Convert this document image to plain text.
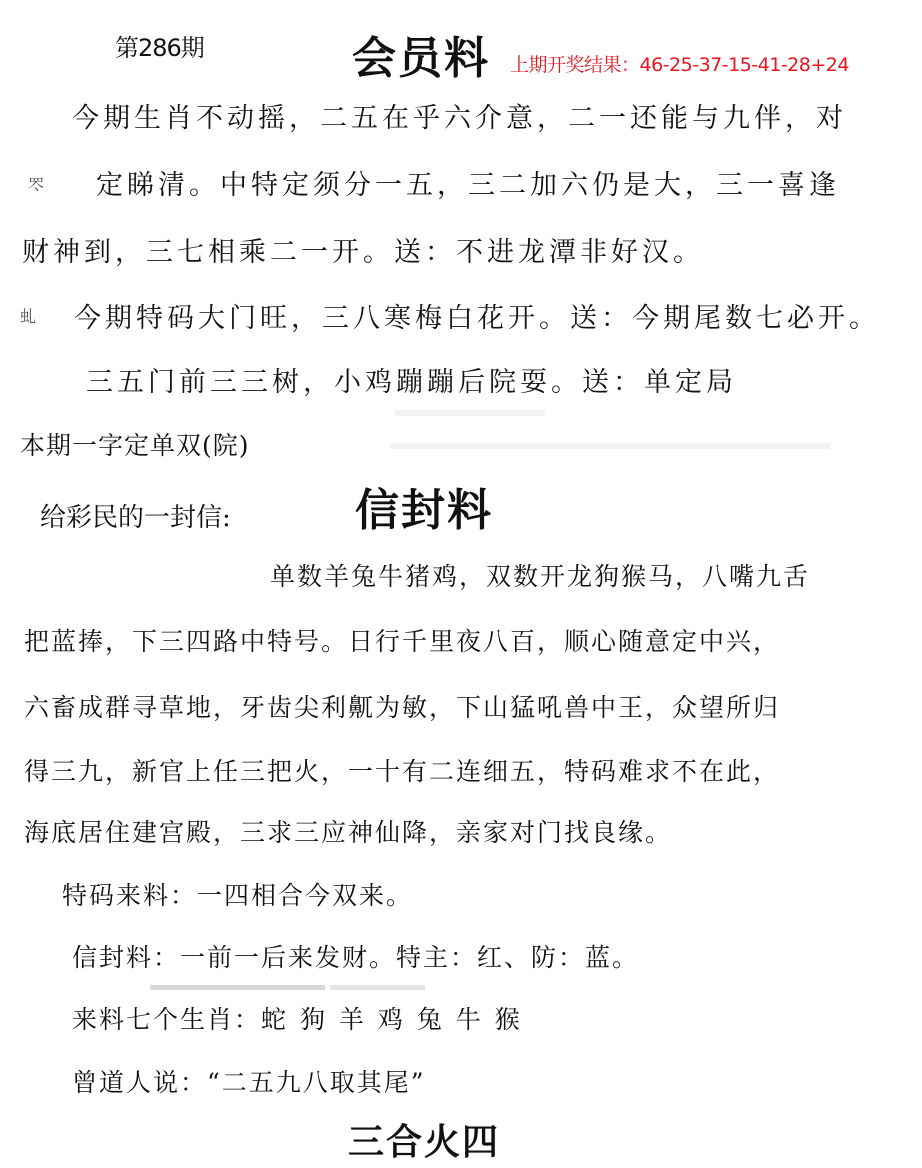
第286期	会员料 上期开奖结果：46-25-37-15-41-28+24
今期生肖不动摇，二五在乎六介意，二一还能与九伴，对
定睇清。中特定须分一五，三二加六仍是大，三一喜逢
罖
财神到，三七相乘二一开。送：不进龙潭非好汉。
今期特码大门旺，三八寒梅白花开。送：今期尾数七必开。
虬
三五门前三三树，小鸡蹦蹦后院耍。送：单定局
本期一字定单双(院)
给彩民的一封信:	信封料
单数羊兔牛猪鸡，双数开龙狗猴马，八嘴九舌
把蓝捧，下三四路中特号。日行千里夜八百，顺心随意定中兴，
六畜成群寻草地，牙齿尖利鼿为敏，下山猛吼兽中王，众望所归
得三九，新官上任三把火，一十有二连细五，特码难求不在此，
海底居住建宫殿，三求三应神仙降，亲家对门找良缘。
特码来料：一四相合今双来。
信封料：一前一后来发财。特主：红、防：蓝。
来料七个生肖：蛇 狗 羊 鸡 兔 牛 猴
曾道人说：“二五九八取其尾”
三合火四
